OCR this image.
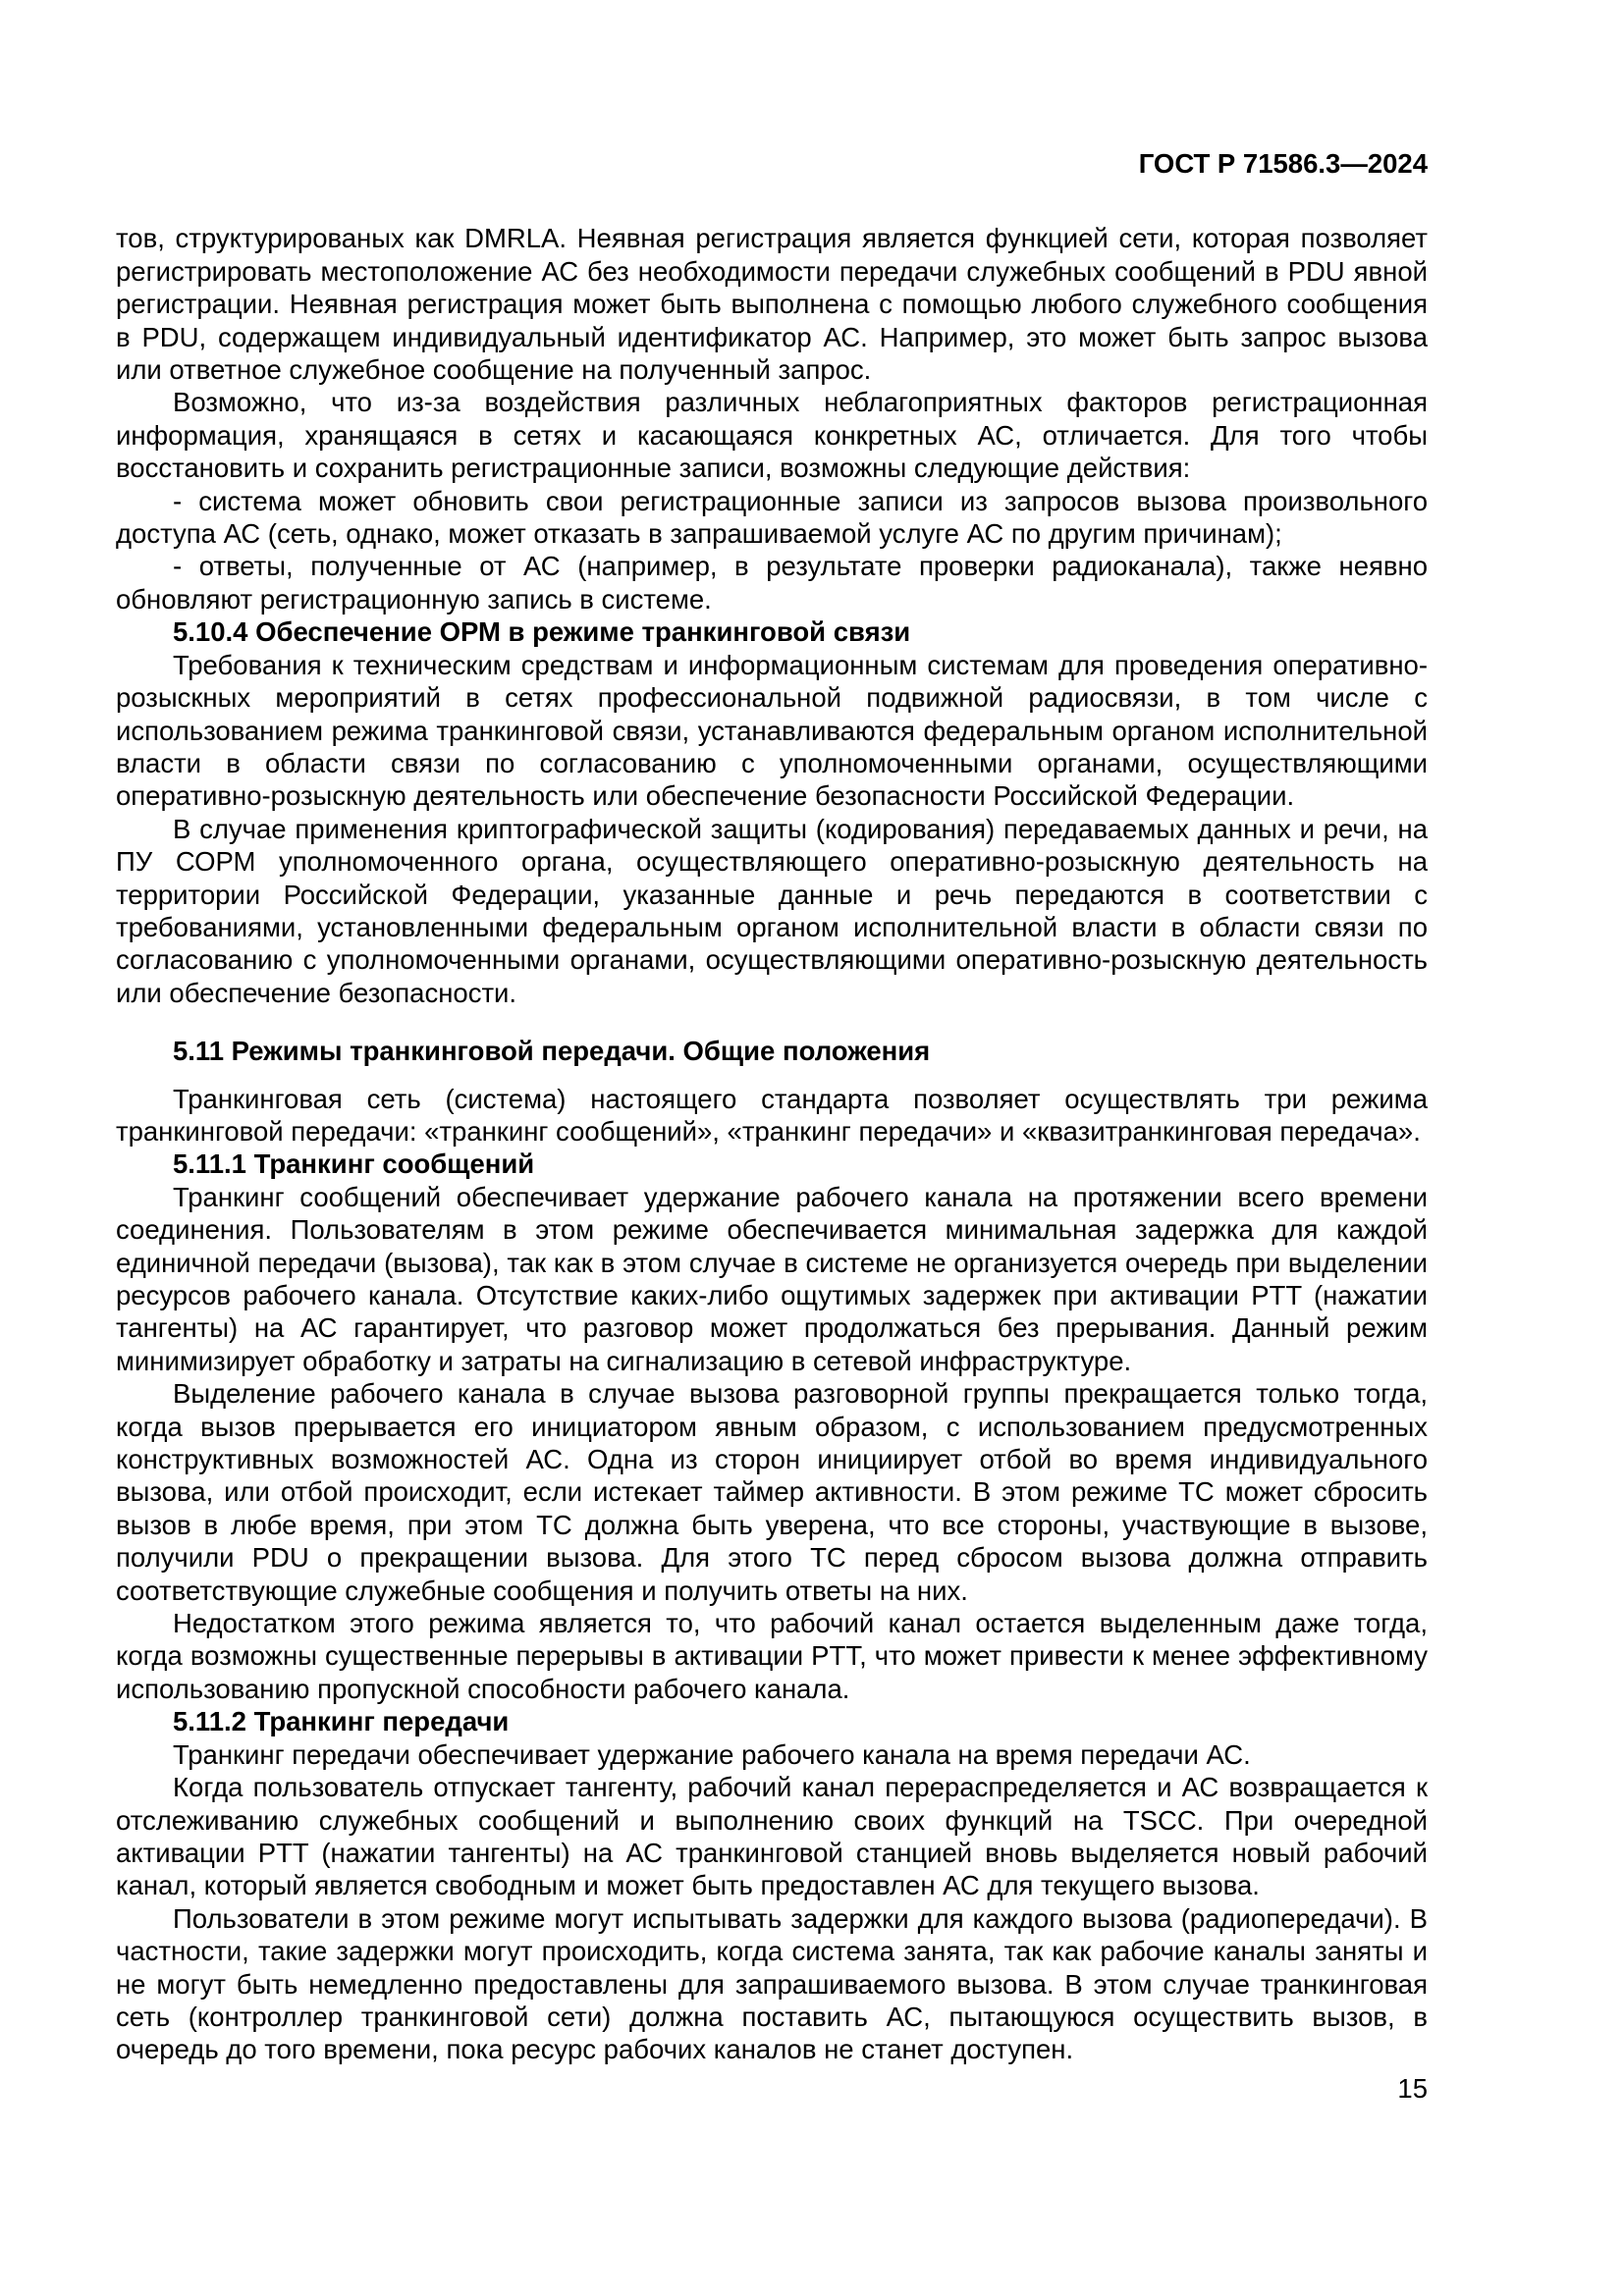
ГОСТ Р 71586.3—2024

тов, структурированых как DMRLA. Неявная регистрация является функцией сети, которая позволяет регистрировать местоположение АС без необходимости передачи служебных сообщений в PDU явной регистрации. Неявная регистрация может быть выполнена с помощью любого служебного сообщения в PDU, содержащем индивидуальный идентификатор АС. Например, это может быть запрос вызова или ответное служебное сообщение на полученный запрос.

Возможно, что из-за воздействия различных неблагоприятных факторов регистрационная информация, хранящаяся в сетях и касающаяся конкретных АС, отличается. Для того чтобы восстановить и сохранить регистрационные записи, возможны следующие действия:

- система может обновить свои регистрационные записи из запросов вызова произвольного доступа АС (сеть, однако, может отказать в запрашиваемой услуге АС по другим причинам);

- ответы, полученные от АС (например, в результате проверки радиоканала), также неявно обновляют регистрационную запись в системе.

5.10.4 Обеспечение ОРМ в режиме транкинговой связи

Требования к техническим средствам и информационным системам для проведения оперативно-розыскных мероприятий в сетях профессиональной подвижной радиосвязи, в том числе с использованием режима транкинговой связи, устанавливаются федеральным органом исполнительной власти в области связи по согласованию с уполномоченными органами, осуществляющими оперативно-розыскную деятельность или обеспечение безопасности Российской Федерации.

В случае применения криптографической защиты (кодирования) передаваемых данных и речи, на ПУ СОРМ уполномоченного органа, осуществляющего оперативно-розыскную деятельность на территории Российской Федерации, указанные данные и речь передаются в соответствии с требованиями, установленными федеральным органом исполнительной власти в области связи по согласованию с уполномоченными органами, осуществляющими оперативно-розыскную деятельность или обеспечение безопасности.

5.11 Режимы транкинговой передачи. Общие положения

Транкинговая сеть (система) настоящего стандарта позволяет осуществлять три режима транкинговой передачи: «транкинг сообщений», «транкинг передачи» и «квазитранкинговая передача».

5.11.1 Транкинг сообщений

Транкинг сообщений обеспечивает удержание рабочего канала на протяжении всего времени соединения. Пользователям в этом режиме обеспечивается минимальная задержка для каждой единичной передачи (вызова), так как в этом случае в системе не организуется очередь при выделении ресурсов рабочего канала. Отсутствие каких-либо ощутимых задержек при активации PTT (нажатии тангенты) на АС гарантирует, что разговор может продолжаться без прерывания. Данный режим минимизирует обработку и затраты на сигнализацию в сетевой инфраструктуре.

Выделение рабочего канала в случае вызова разговорной группы прекращается только тогда, когда вызов прерывается его инициатором явным образом, с использованием предусмотренных конструктивных возможностей АС. Одна из сторон инициирует отбой во время индивидуального вызова, или отбой происходит, если истекает таймер активности. В этом режиме ТС может сбросить вызов в любе время, при этом ТС должна быть уверена, что все стороны, участвующие в вызове, получили PDU о прекращении вызова. Для этого ТС перед сбросом вызова должна отправить соответствующие служебные сообщения и получить ответы на них.

Недостатком этого режима является то, что рабочий канал остается выделенным даже тогда, когда возможны существенные перерывы в активации PTT, что может привести к менее эффективному использованию пропускной способности рабочего канала.

5.11.2 Транкинг передачи

Транкинг передачи обеспечивает удержание рабочего канала на время передачи АС.

Когда пользователь отпускает тангенту, рабочий канал перераспределяется и АС возвращается к отслеживанию служебных сообщений и выполнению своих функций на TSCC. При очередной активации PTT (нажатии тангенты) на АС транкинговой станцией вновь выделяется новый рабочий канал, который является свободным и может быть предоставлен АС для текущего вызова.

Пользователи в этом режиме могут испытывать задержки для каждого вызова (радиопередачи). В частности, такие задержки могут происходить, когда система занята, так как рабочие каналы заняты и не могут быть немедленно предоставлены для запрашиваемого вызова. В этом случае транкинговая сеть (контроллер транкинговой сети) должна поставить АС, пытающуюся осуществить вызов, в очередь до того времени, пока ресурс рабочих каналов не станет доступен.

15
